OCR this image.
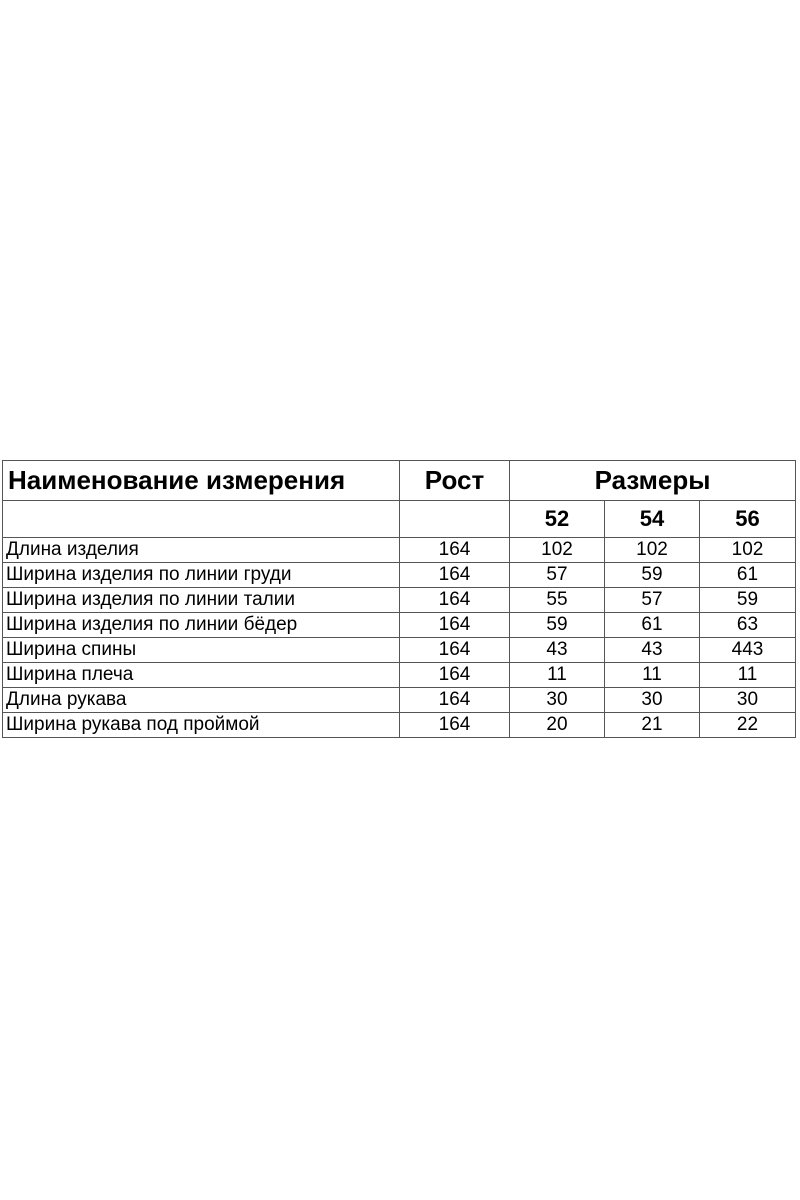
Наименование измерения	Рост	Размеры		
		52	54	56
Длина изделия	164	102	102	102
Ширина изделия по линии груди	164	57	59	61
Ширина изделия по линии талии	164	55	57	59
Ширина изделия по линии бёдер	164	59	61	63
Ширина спины	164	43	43	443
Ширина плеча	164	11	11	11
Длина рукава	164	30	30	30
Ширина рукава под проймой	164	20	21	22
